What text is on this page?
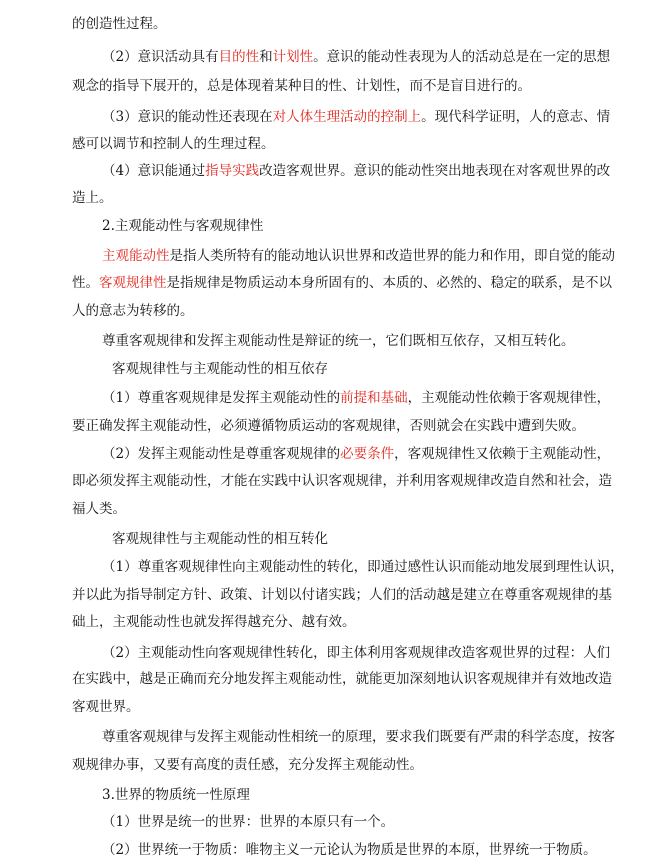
的创造性过程。
（2）意识活动具有目的性和计划性。意识的能动性表现为人的活动总是在一定的思想
观念的指导下展开的，总是体现着某种目的性、计划性，而不是盲目进行的。
（3）意识的能动性还表现在对人体生理活动的控制上。现代科学证明，人的意志、情
感可以调节和控制人的生理过程。
（4）意识能通过指导实践改造客观世界。意识的能动性突出地表现在对客观世界的改
造上。
2.主观能动性与客观规律性
主观能动性是指人类所特有的能动地认识世界和改造世界的能力和作用，即自觉的能动
性。客观规律性是指规律是物质运动本身所固有的、本质的、必然的、稳定的联系，是不以
人的意志为转移的。
尊重客观规律和发挥主观能动性是辩证的统一，它们既相互依存，又相互转化。
客观规律性与主观能动性的相互依存
（1）尊重客观规律是发挥主观能动性的前提和基础，主观能动性依赖于客观规律性，
要正确发挥主观能动性，必须遵循物质运动的客观规律，否则就会在实践中遭到失败。
（2）发挥主观能动性是尊重客观规律的必要条件，客观规律性又依赖于主观能动性，
即必须发挥主观能动性，才能在实践中认识客观规律，并利用客观规律改造自然和社会，造
福人类。
客观规律性与主观能动性的相互转化
（1）尊重客观规律性向主观能动性的转化，即通过感性认识而能动地发展到理性认识，
并以此为指导制定方针、政策、计划以付诸实践；人们的活动越是建立在尊重客观规律的基
础上，主观能动性也就发挥得越充分、越有效。
（2）主观能动性向客观规律性转化，即主体利用客观规律改造客观世界的过程：人们
在实践中，越是正确而充分地发挥主观能动性，就能更加深刻地认识客观规律并有效地改造
客观世界。
尊重客观规律与发挥主观能动性相统一的原理，要求我们既要有严肃的科学态度，按客
观规律办事，又要有高度的责任感，充分发挥主观能动性。
3.世界的物质统一性原理
（1）世界是统一的世界：世界的本原只有一个。
（2）世界统一于物质：唯物主义一元论认为物质是世界的本原，世界统一于物质。
